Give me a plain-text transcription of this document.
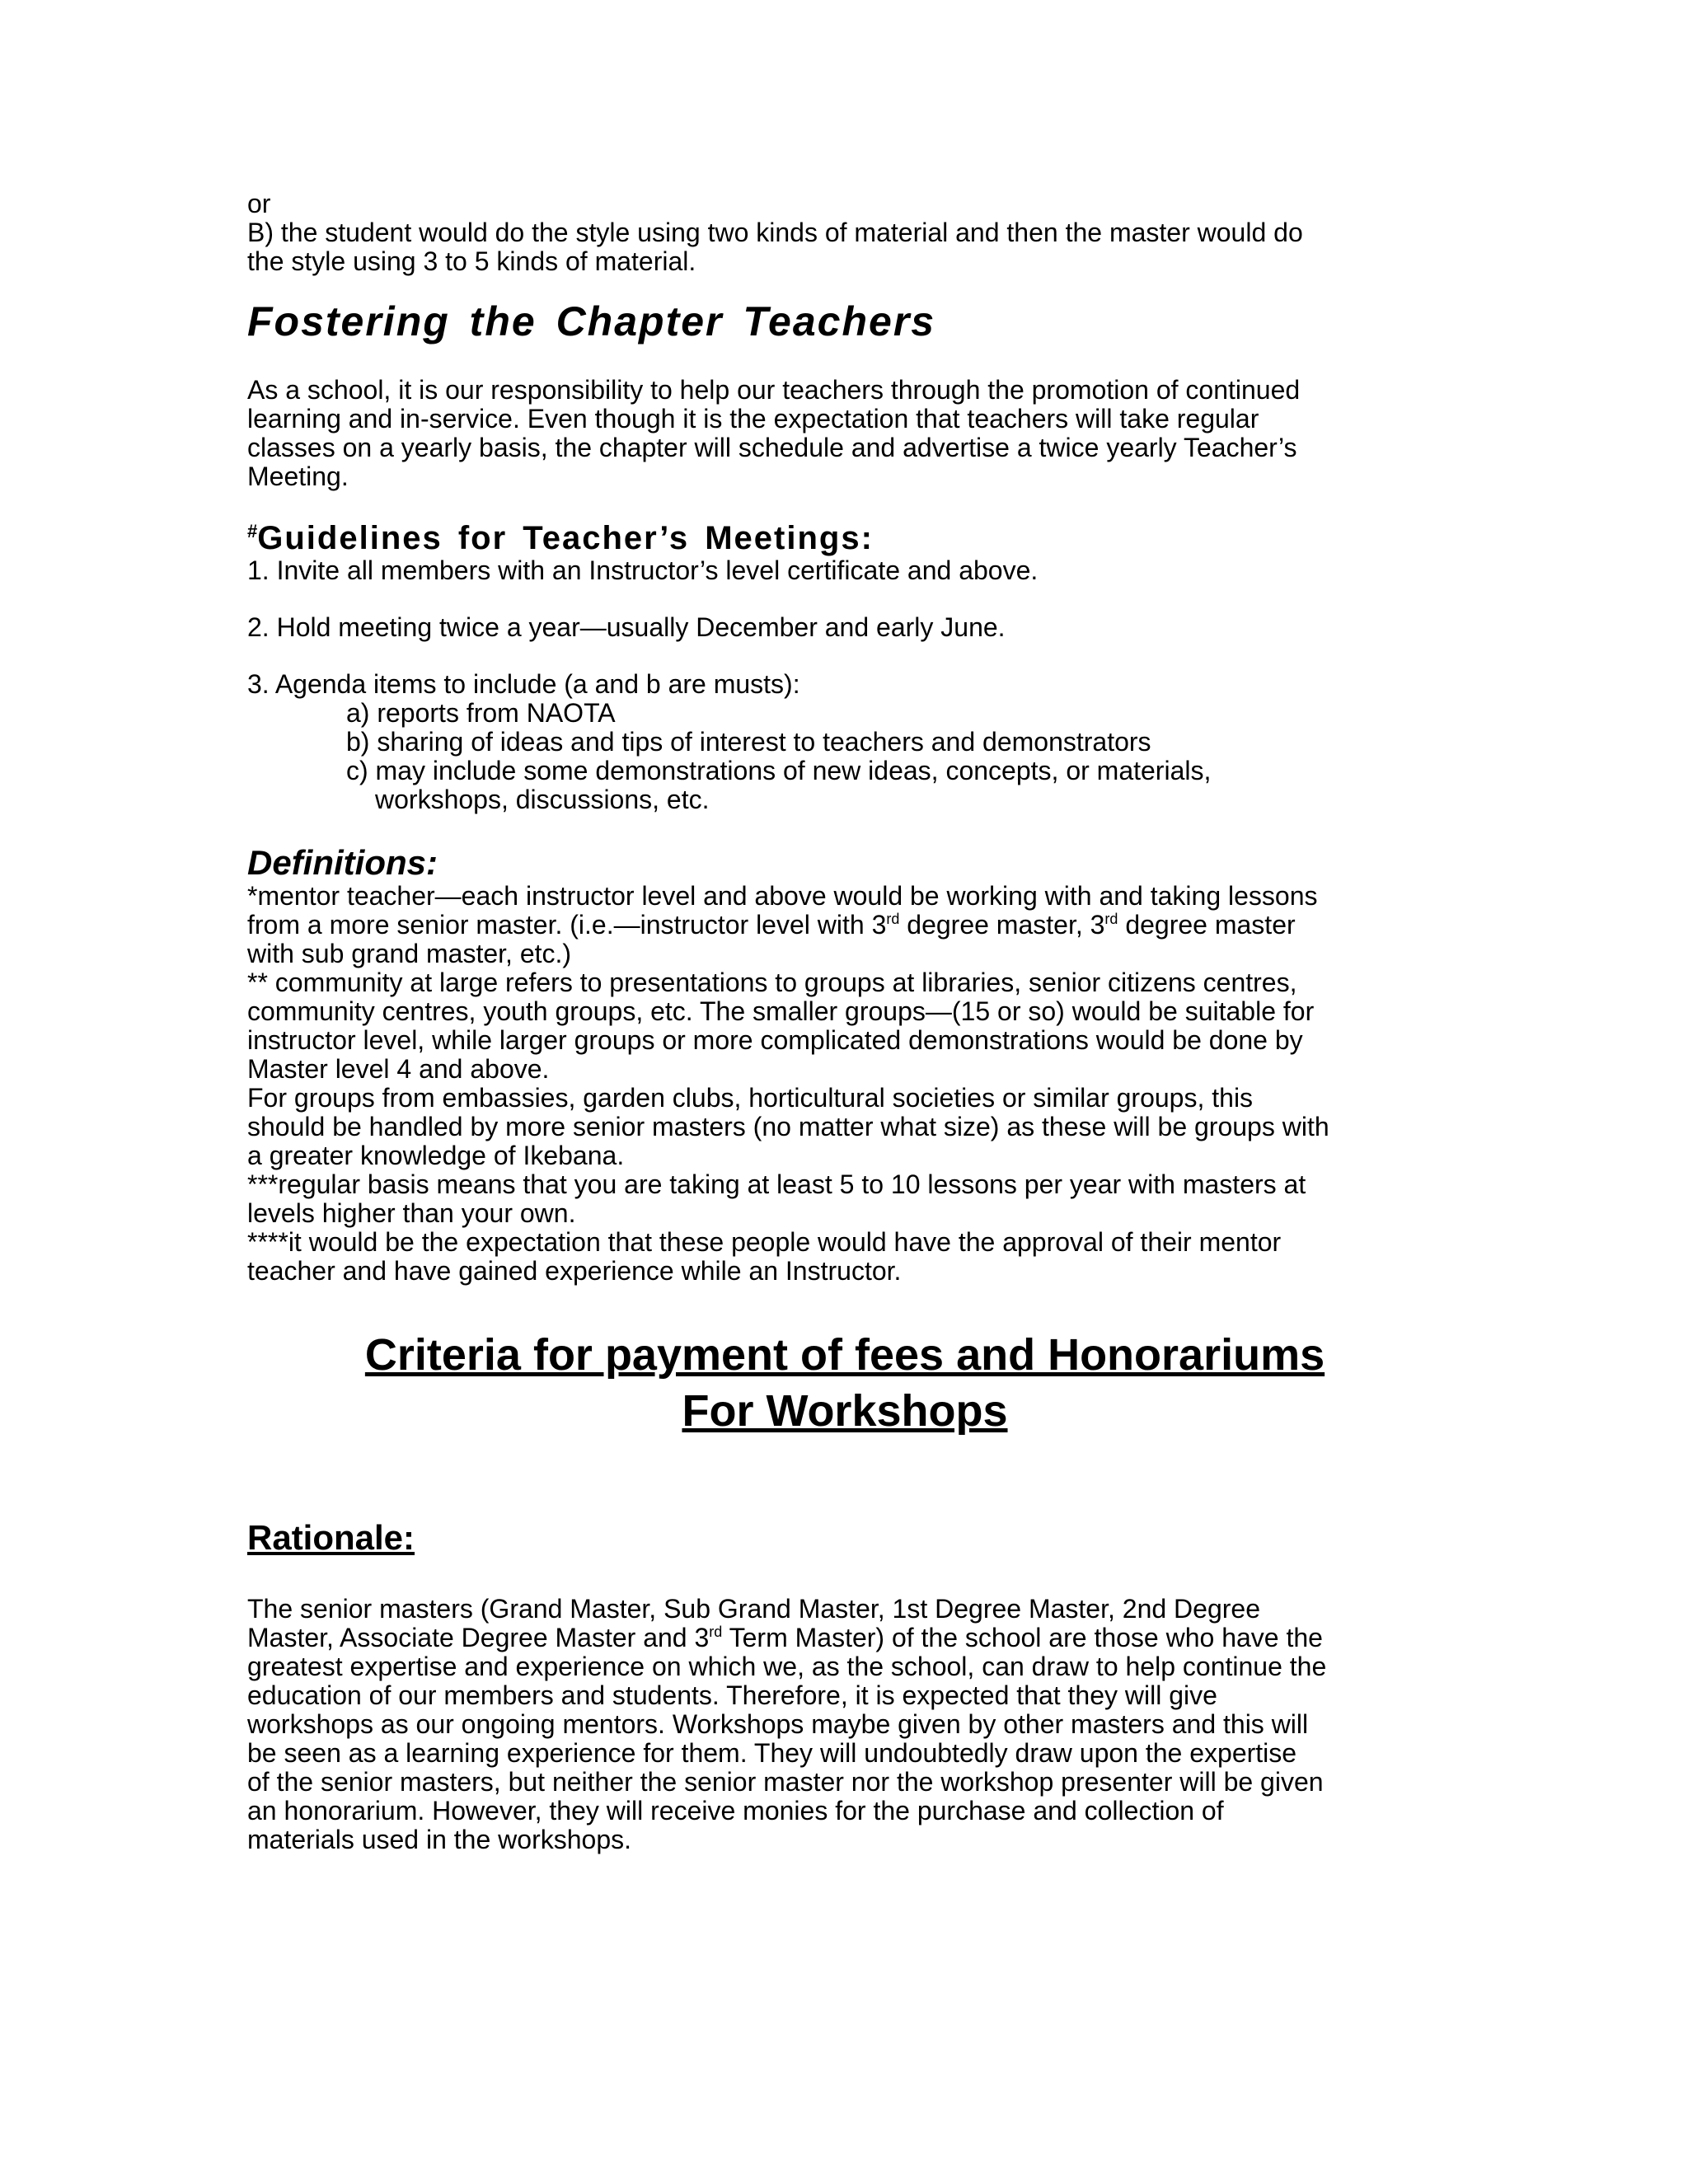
or
B) the student would do the style using two kinds of material and then the master would do
the style using 3 to 5 kinds of material.
Fostering the Chapter Teachers
As a school, it is our responsibility to help our teachers through the promotion of continued
learning and in-service. Even though it is the expectation that teachers will take regular
classes on a yearly basis, the chapter will schedule and advertise a twice yearly Teacher’s
Meeting.
#Guidelines for Teacher’s Meetings:
1. Invite all members with an Instructor’s level certificate and above.
2. Hold meeting twice a year—usually December and early June.
3. Agenda items to include (a and b are musts):
a) reports from NAOTA
b) sharing of ideas and tips of interest to teachers and demonstrators
c) may include some demonstrations of new ideas, concepts, or materials,
workshops, discussions, etc.
Definitions:
*mentor teacher—each instructor level and above would be working with and taking lessons
from a more senior master. (i.e.—instructor level with 3rd degree master, 3rd degree master
with sub grand master, etc.)
** community at large refers to presentations to groups at libraries, senior citizens centres,
community centres, youth groups, etc. The smaller groups—(15 or so) would be suitable for
instructor level, while larger groups or more complicated demonstrations would be done by
Master level 4 and above.
For groups from embassies, garden clubs, horticultural societies or similar groups, this
should be handled by more senior masters (no matter what size) as these will be groups with
a greater knowledge of Ikebana.
***regular basis means that you are taking at least 5 to 10 lessons per year with masters at
levels higher than your own.
****it would be the expectation that these people would have the approval of their mentor
teacher and have gained experience while an Instructor.
Criteria for payment of fees and Honorariums
For Workshops
Rationale:
The senior masters (Grand Master, Sub Grand Master, 1st Degree Master, 2nd Degree
Master, Associate Degree Master and 3rd Term Master) of the school are those who have the
greatest expertise and experience on which we, as the school, can draw to help continue the
education of our members and students. Therefore, it is expected that they will give
workshops as our ongoing mentors. Workshops maybe given by other masters and this will
be seen as a learning experience for them. They will undoubtedly draw upon the expertise
of the senior masters, but neither the senior master nor the workshop presenter will be given
an honorarium. However, they will receive monies for the purchase and collection of
materials used in the workshops.
